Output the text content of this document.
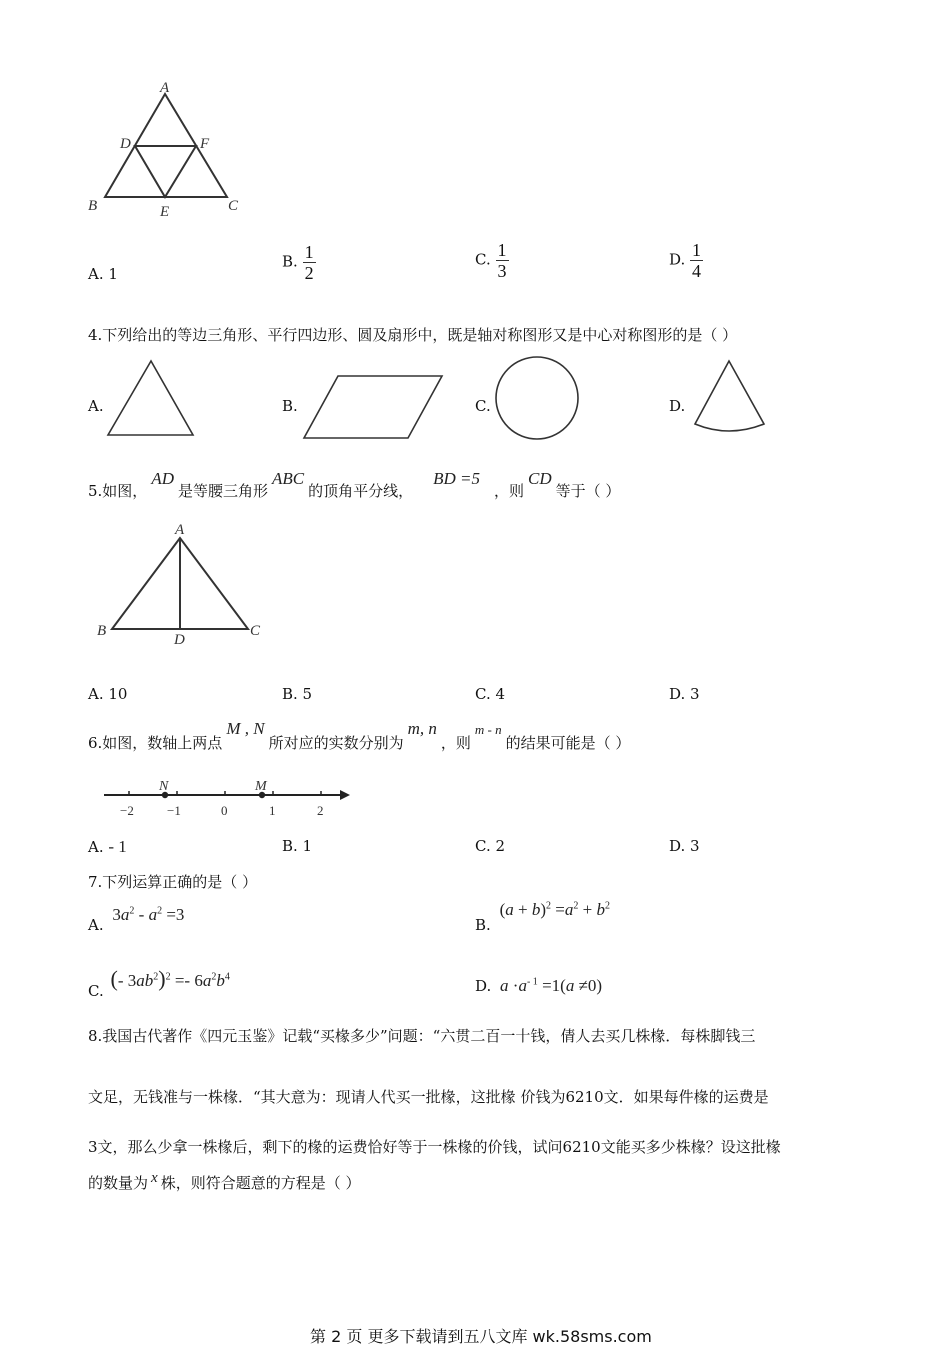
A
D	F
B	E	C
A. 1
B. $\frac{1}{2}$	C. $\frac{1}{3}$	D. $\frac{1}{4}$
4.下列给出的等边三角形、平行四边形、圆及扇形中，既是轴对称图形又是中心对称图形的是（ ）
A.	B.	C.	D.
5.如图，AD是等腰三角形ABC的顶角平分线，BD =5，则CD等于（ ）
A
B	C
D
A. 10	B. 5	C. 4	D. 3
6.如图，数轴上两点M , N所对应的实数分别为m, n，则m - n的结果可能是（ ）
N	M
−2	−1	0	1	2
A. - 1	B. 1	C. 2	D. 3
7.下列运算正确的是（ ）
A. $3a^2 - a^2 =3$
B. $(a + b)^2 =a^2 + b^2$
C. (- $3ab^2)^2 =- 6a^2b^4$
D. $a \cdot a^{- 1} =1(a \ne 0)$
8.我国古代著作《四元玉鉴》记载“买椽多少”问题：“六贯二百一十钱，倩人去买几株椽．每株脚钱三
文足，无钱准与一株椽．“其大意为：现请人代买一批椽，这批椽 价钱为6210文．如果每件椽的运费是
3文，那么少拿一株椽后，剩下的椽的运费恰好等于一株椽的价钱，试问6210文能买多少株椽？设这批椽
的数量为 x 株，则符合题意的方程是（ ）
第 2 页 更多下载请到五八文库 wk.58sms.com
